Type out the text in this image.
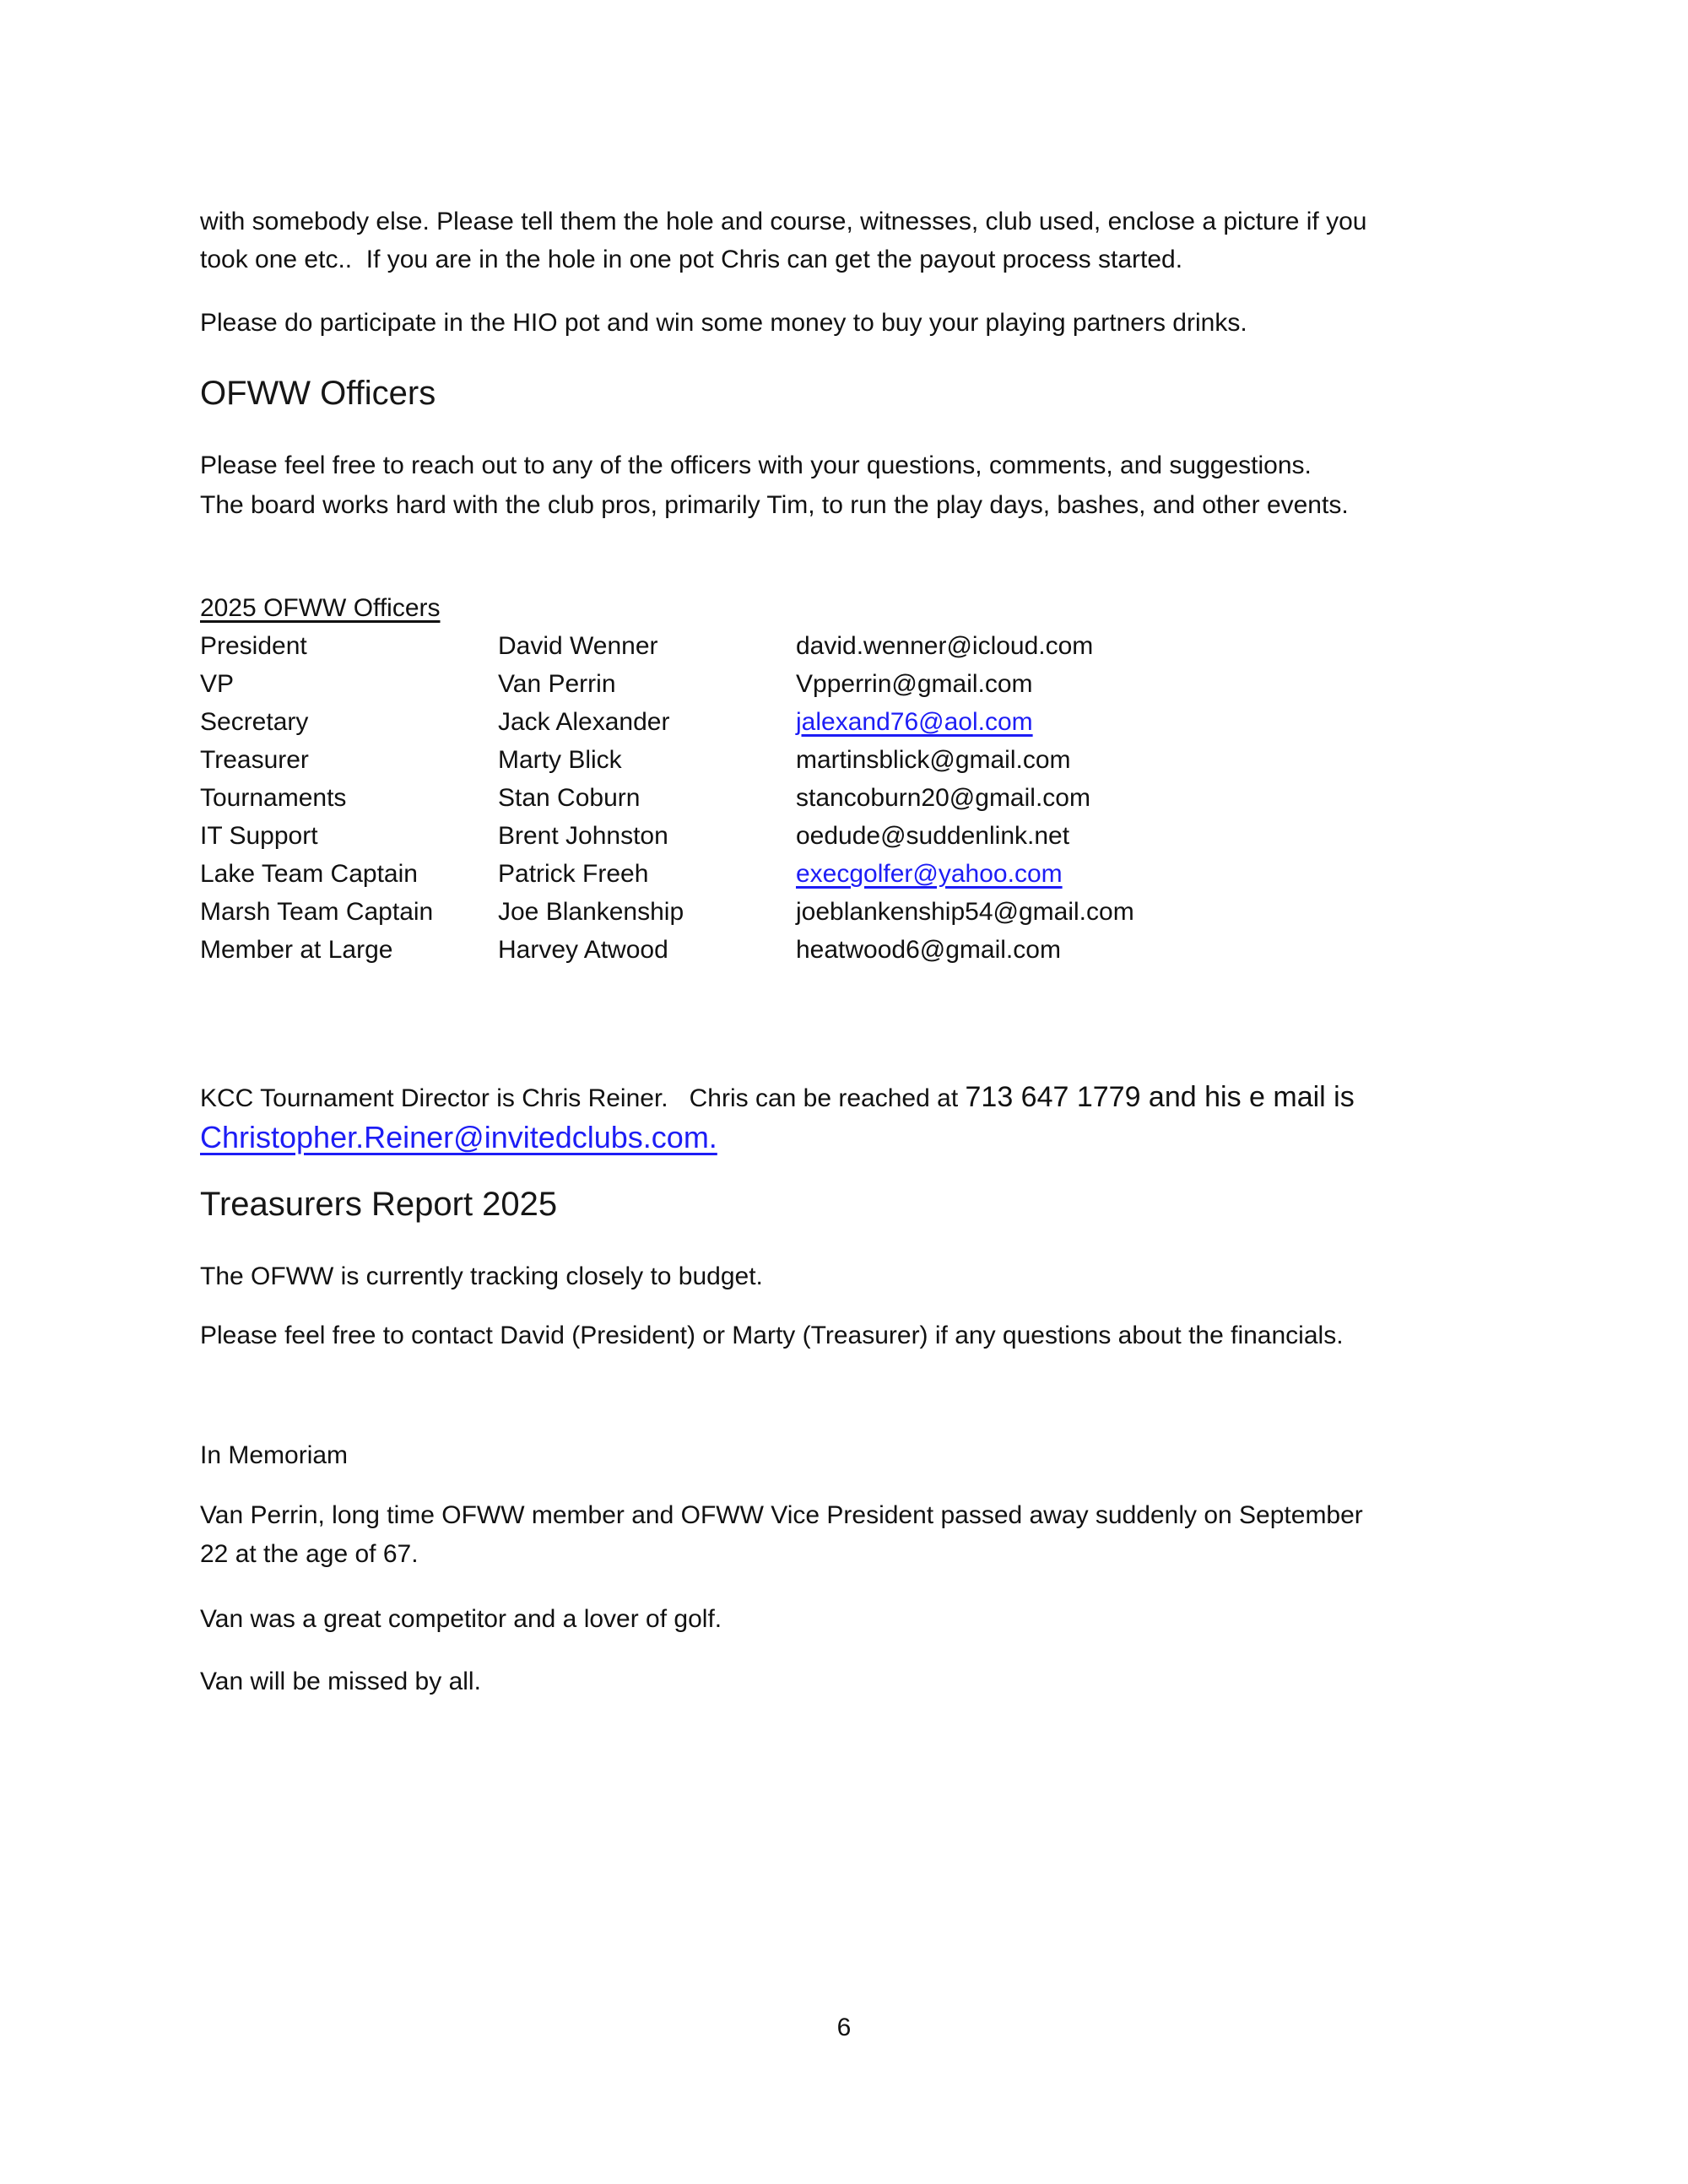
with somebody else. Please tell them the hole and course, witnesses, club used, enclose a picture if you
took one etc..  If you are in the hole in one pot Chris can get the payout process started.
Please do participate in the HIO pot and win some money to buy your playing partners drinks.
OFWW Officers
Please feel free to reach out to any of the officers with your questions, comments, and suggestions.
The board works hard with the club pros, primarily Tim, to run the play days, bashes, and other events.
2025 OFWW Officers
President	David Wenner	david.wenner@icloud.com
VP	Van Perrin	Vpperrin@gmail.com
Secretary	Jack Alexander	jalexand76@aol.com
Treasurer	Marty Blick	martinsblick@gmail.com
Tournaments	Stan Coburn	stancoburn20@gmail.com
IT Support	Brent Johnston	oedude@suddenlink.net
Lake Team Captain	Patrick Freeh	execgolfer@yahoo.com
Marsh Team Captain	Joe Blankenship	joeblankenship54@gmail.com
Member at Large	Harvey Atwood	heatwood6@gmail.com
KCC Tournament Director is Chris Reiner.   Chris can be reached at 713 647 1779 and his e mail is
Christopher.Reiner@invitedclubs.com.
Treasurers Report 2025
The OFWW is currently tracking closely to budget.
Please feel free to contact David (President) or Marty (Treasurer) if any questions about the financials.
In Memoriam
Van Perrin, long time OFWW member and OFWW Vice President passed away suddenly on September
22 at the age of 67.
Van was a great competitor and a lover of golf.
Van will be missed by all.
6
